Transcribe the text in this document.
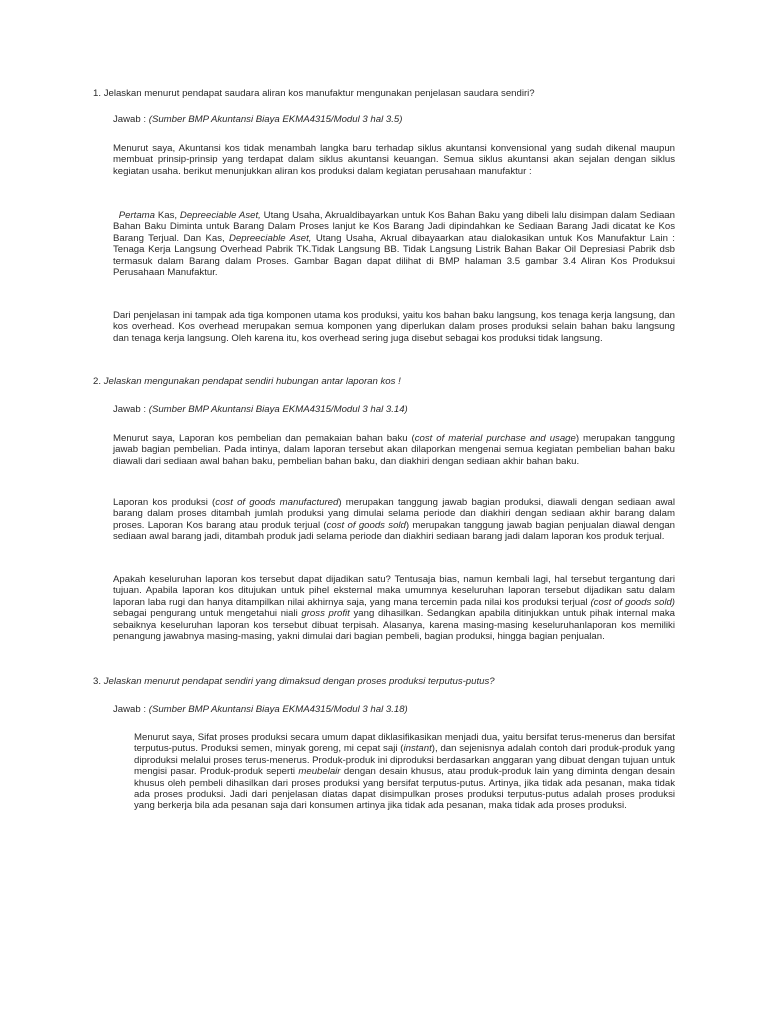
1. Jelaskan menurut pendapat saudara aliran kos manufaktur mengunakan penjelasan saudara sendiri?
Jawab : (Sumber BMP Akuntansi Biaya EKMA4315/Modul 3 hal 3.5)

Menurut saya, Akuntansi kos tidak menambah langka baru terhadap siklus akuntansi konvensional yang sudah dikenal maupun membuat prinsip-prinsip yang terdapat dalam siklus akuntansi keuangan. Semua siklus akuntansi akan sejalan dengan siklus kegiatan usaha. berikut menunjukkan aliran kos produksi dalam kegiatan perusahaan manufaktur :

Pertama Kas, Depreeciable Aset, Utang Usaha, Akrualdibayarkan untuk Kos Bahan Baku yang dibeli lalu disimpan dalam Sediaan Bahan Baku Diminta untuk Barang Dalam Proses lanjut ke Kos Barang Jadi dipindahkan ke Sediaan Barang Jadi dicatat ke Kos Barang Terjual. Dan Kas, Depreeciable Aset, Utang Usaha, Akrual dibayaarkan atau dialokasikan untuk Kos Manufaktur Lain : Tenaga Kerja Langsung Overhead Pabrik TK.Tidak Langsung BB. Tidak Langsung Listrik Bahan Bakar Oil Depresiasi Pabrik dsb termasuk dalam Barang dalam Proses. Gambar Bagan dapat dilihat di BMP halaman 3.5 gambar 3.4 Aliran Kos Produksui Perusahaan Manufaktur.

Dari penjelasan ini tampak ada tiga komponen utama kos produksi, yaitu kos bahan baku langsung, kos tenaga kerja langsung, dan kos overhead. Kos overhead merupakan semua komponen yang diperlukan dalam proses produksi selain bahan baku langsung dan tenaga kerja langsung. Oleh karena itu, kos overhead sering juga disebut sebagai kos produksi tidak langsung.

2. Jelaskan mengunakan pendapat sendiri hubungan antar laporan kos !
Jawab : (Sumber BMP Akuntansi Biaya EKMA4315/Modul 3 hal 3.14)

Menurut saya, Laporan kos pembelian dan pemakaian bahan baku (cost of material purchase and usage) merupakan tanggung jawab bagian pembelian. Pada intinya, dalam laporan tersebut akan dilaporkan mengenai semua kegiatan pembelian bahan baku diawali dari sediaan awal bahan baku, pembelian bahan baku, dan diakhiri dengan sediaan akhir bahan baku.

Laporan kos produksi (cost of goods manufactured) merupakan tanggung jawab bagian produksi, diawali dengan sediaan awal barang dalam proses ditambah jumlah produksi yang dimulai selama periode dan diakhiri dengan sediaan akhir barang dalam proses. Laporan Kos barang atau produk terjual (cost of goods sold) merupakan tanggung jawab bagian penjualan diawal dengan sediaan awal barang jadi, ditambah produk jadi selama periode dan diakhiri sediaan barang jadi dalam laporan kos produk terjual.

Apakah keseluruhan laporan kos tersebut dapat dijadikan satu? Tentusaja bias, namun kembali lagi, hal tersebut tergantung dari tujuan. Apabila laporan kos ditujukan untuk pihel eksternal maka umumnya keseluruhan laporan tersebut dijadikan satu dalam laporan laba rugi dan hanya ditampilkan nilai akhirnya saja, yang mana tercemin pada nilai kos produksi terjual (cost of goods sold) sebagai pengurang untuk mengetahui niali gross profit yang dihasilkan. Sedangkan apabila ditinjukkan untuk pihak internal maka sebaiknya keseluruhan laporan kos tersebut dibuat terpisah. Alasanya, karena masing-masing keseluruhanlaporan kos memiliki penangung jawabnya masing-masing, yakni dimulai dari bagian pembeli, bagian produksi, hingga bagian penjualan.

3. Jelaskan menurut pendapat sendiri yang dimaksud dengan proses produksi terputus-putus?
Jawab : (Sumber BMP Akuntansi Biaya EKMA4315/Modul 3 hal 3.18)

Menurut saya, Sifat proses produksi secara umum dapat diklasifikasikan menjadi dua, yaitu bersifat terus-menerus dan bersifat terputus-putus. Produksi semen, minyak goreng, mi cepat saji (instant), dan sejenisnya adalah contoh dari produk-produk yang diproduksi melalui proses terus-menerus. Produk-produk ini diproduksi berdasarkan anggaran yang dibuat dengan tujuan untuk mengisi pasar. Produk-produk seperti meubelair dengan desain khusus, atau produk-produk lain yang diminta dengan desain khusus oleh pembeli dihasilkan dari proses produksi yang bersifat terputus-putus. Artinya, jika tidak ada pesanan, maka tidak ada proses produksi. Jadi dari penjelasan diatas dapat disimpulkan proses produksi terputus-putus adalah proses produksi yang berkerja bila ada pesanan saja dari konsumen artinya jika tidak ada pesanan, maka tidak ada proses produksi.
